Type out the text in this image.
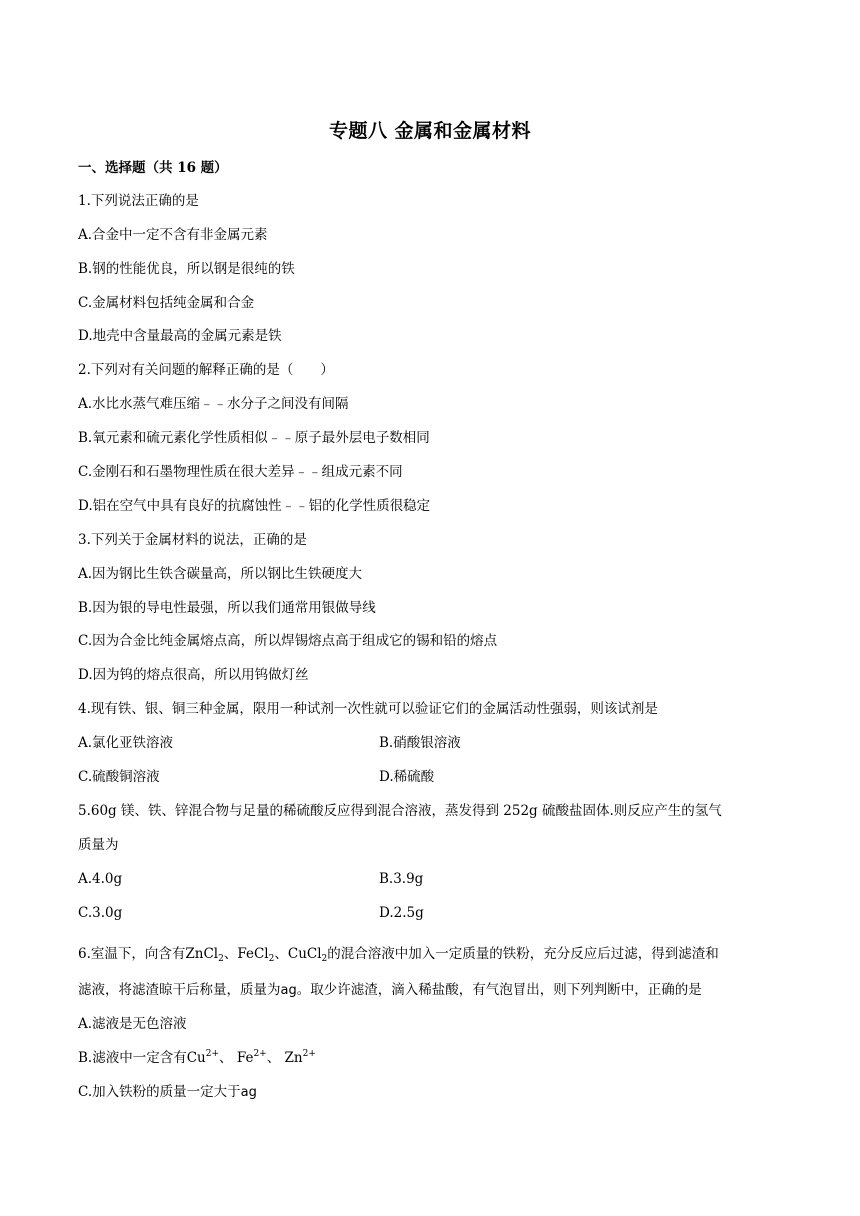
专题八 金属和金属材料
一、选择题（共 16 题）
1.下列说法正确的是
A.合金中一定不含有非金属元素
B.钢的性能优良，所以钢是很纯的铁
C.金属材料包括纯金属和合金
D.地壳中含量最高的金属元素是铁
2.下列对有关问题的解释正确的是（　　）
A.水比水蒸气难压缩﹣﹣水分子之间没有间隔
B.氧元素和硫元素化学性质相似﹣﹣原子最外层电子数相同
C.金刚石和石墨物理性质在很大差异﹣﹣组成元素不同
D.铝在空气中具有良好的抗腐蚀性﹣﹣铝的化学性质很稳定
3.下列关于金属材料的说法，正确的是
A.因为钢比生铁含碳量高，所以钢比生铁硬度大
B.因为银的导电性最强，所以我们通常用银做导线
C.因为合金比纯金属熔点高，所以焊锡熔点高于组成它的锡和铅的熔点
D.因为钨的熔点很高，所以用钨做灯丝
4.现有铁、银、铜三种金属，限用一种试剂一次性就可以验证它们的金属活动性强弱，则该试剂是
A.氯化亚铁溶液	B.硝酸银溶液
C.硫酸铜溶液	D.稀硫酸
5.60g 镁、铁、锌混合物与足量的稀硫酸反应得到混合溶液，蒸发得到 252g 硫酸盐固体.则反应产生的氢气
质量为
A.4.0g	B.3.9g
C.3.0g	D.2.5g
6.室温下，向含有ZnCl$_2$、FeCl$_2$、CuCl$_2$的混合溶液中加入一定质量的铁粉，充分反应后过滤，得到滤渣和
滤液，将滤渣晾干后称量，质量为ag。取少许滤渣，滴入稀盐酸，有气泡冒出，则下列判断中，正确的是
A.滤液是无色溶液
B.滤液中一定含有$Cu^{2+}$、 $Fe^{2+}$、 $Zn^{2+}$
C.加入铁粉的质量一定大于ag
